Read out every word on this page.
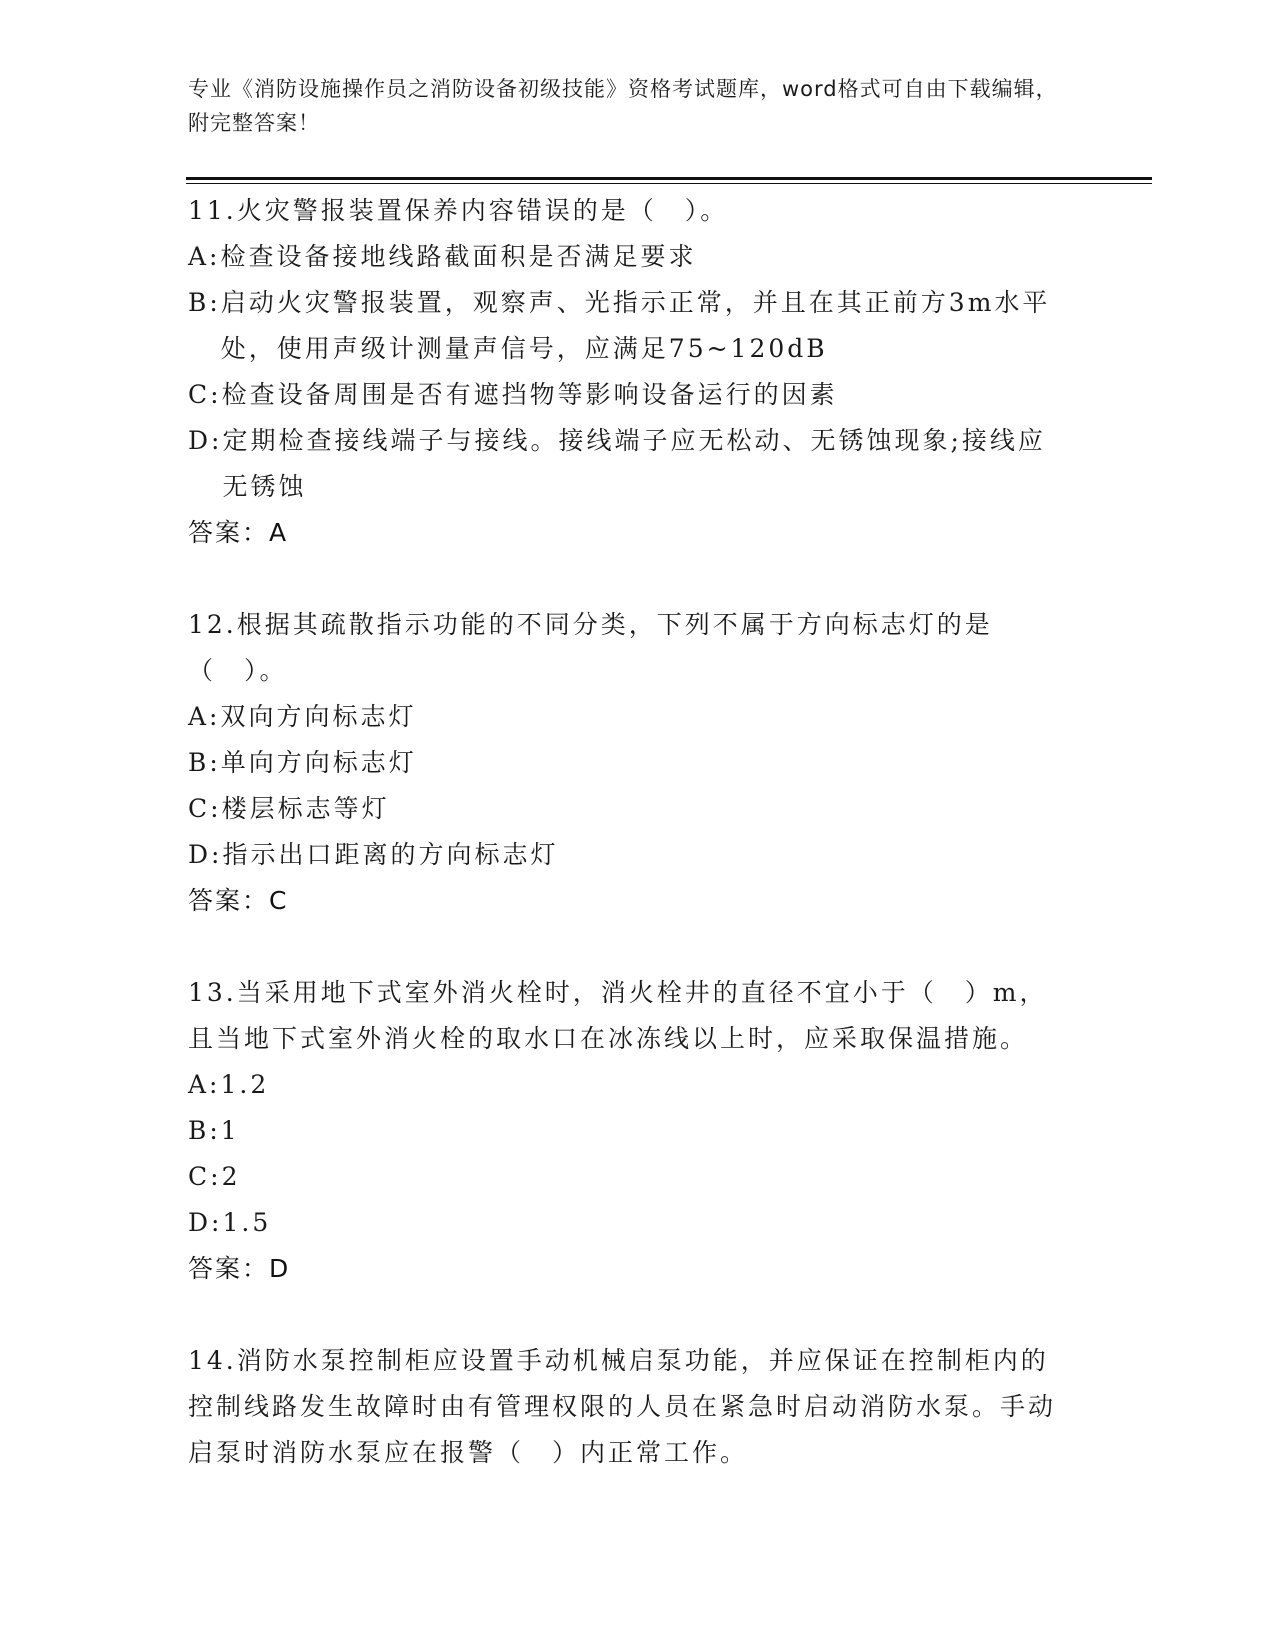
专业《消防设施操作员之消防设备初级技能》资格考试题库，word格式可自由下载编辑，附完整答案！
11.火灾警报装置保养内容错误的是（　）。
A: 检查设备接地线路截面积是否满足要求
B: 启动火灾警报装置，观察声、光指示正常，并且在其正前方3m水平处，使用声级计测量声信号，应满足75~120dB
C: 检查设备周围是否有遮挡物等影响设备运行的因素
D: 定期检查接线端子与接线。接线端子应无松动、无锈蚀现象;接线应无锈蚀
答案：A
12.根据其疏散指示功能的不同分类，下列不属于方向标志灯的是（　）。
A: 双向方向标志灯
B: 单向方向标志灯
C: 楼层标志等灯
D: 指示出口距离的方向标志灯
答案：C
13.当采用地下式室外消火栓时，消火栓井的直径不宜小于（　）m，且当地下式室外消火栓的取水口在冰冻线以上时，应采取保温措施。
A: 1.2
B: 1
C: 2
D: 1.5
答案：D
14.消防水泵控制柜应设置手动机械启泵功能，并应保证在控制柜内的控制线路发生故障时由有管理权限的人员在紧急时启动消防水泵。手动启泵时消防水泵应在报警（　）内正常工作。
